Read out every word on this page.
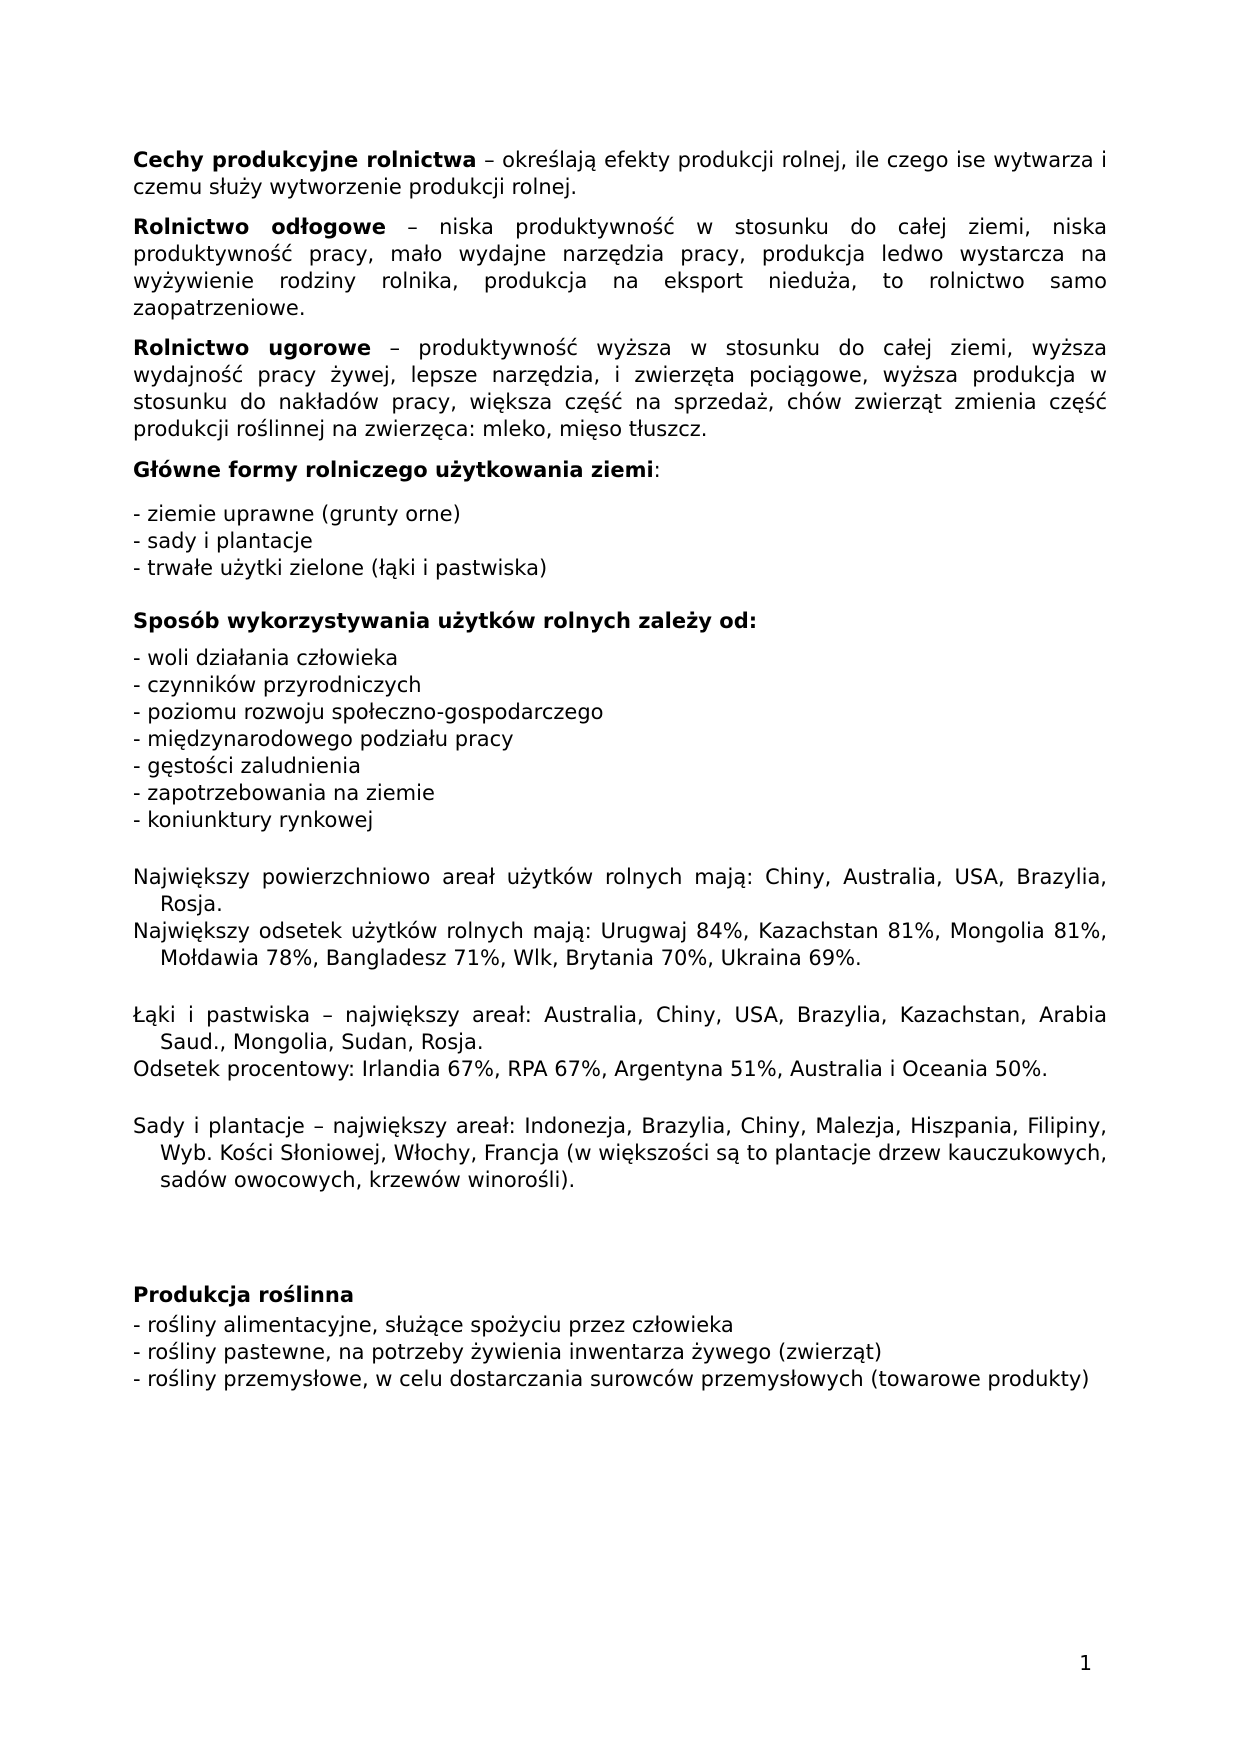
Cechy produkcyjne rolnictwa – określają efekty produkcji rolnej, ile czego ise wytwarza i czemu służy wytworzenie produkcji rolnej.

Rolnictwo odłogowe – niska produktywność w stosunku do całej ziemi, niska produktywność pracy, mało wydajne narzędzia pracy, produkcja ledwo wystarcza na wyżywienie rodziny rolnika, produkcja na eksport nieduża, to rolnictwo samo zaopatrzeniowe.

Rolnictwo ugorowe – produktywność wyższa w stosunku do całej ziemi, wyższa wydajność pracy żywej, lepsze narzędzia, i zwierzęta pociągowe, wyższa produkcja w stosunku do nakładów pracy, większa część na sprzedaż, chów zwierząt zmienia część produkcji roślinnej na zwierzęca: mleko, mięso tłuszcz.

Główne formy rolniczego użytkowania ziemi:

- ziemie uprawne (grunty orne)
- sady i plantacje
- trwałe użytki zielone (łąki i pastwiska)

Sposób wykorzystywania użytków rolnych zależy od:

- woli działania człowieka
- czynników przyrodniczych
- poziomu rozwoju społeczno-gospodarczego
- międzynarodowego podziału pracy
- gęstości zaludnienia
- zapotrzebowania na ziemie
- koniunktury rynkowej

Największy powierzchniowo areał użytków rolnych mają: Chiny, Australia, USA, Brazylia, Rosja.

Największy odsetek użytków rolnych mają: Urugwaj 84%, Kazachstan 81%, Mongolia 81%, Mołdawia 78%, Bangladesz 71%, Wlk, Brytania 70%, Ukraina 69%.

Łąki i pastwiska – największy areał: Australia, Chiny, USA, Brazylia, Kazachstan, Arabia Saud., Mongolia, Sudan, Rosja.

Odsetek procentowy: Irlandia 67%, RPA 67%, Argentyna 51%, Australia i Oceania 50%.

Sady i plantacje – największy areał: Indonezja, Brazylia, Chiny, Malezja, Hiszpania, Filipiny, Wyb. Kości Słoniowej, Włochy, Francja (w większości są to plantacje drzew kauczukowych, sadów owocowych, krzewów winorośli).

Produkcja roślinna

- rośliny alimentacyjne, służące spożyciu przez człowieka
- rośliny pastewne, na potrzeby żywienia inwentarza żywego (zwierząt)
- rośliny przemysłowe, w celu dostarczania surowców przemysłowych (towarowe produkty)
1
